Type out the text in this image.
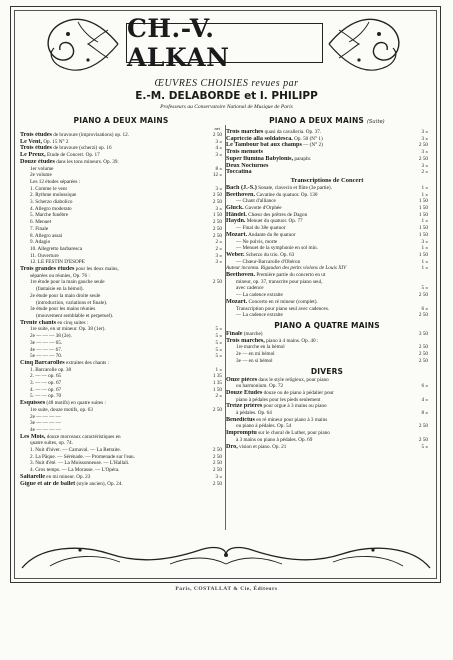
CH.-V. ALKAN
ŒUVRES CHOISIES revues par
E.-M. DELABORDE et I. PHILIPP
Professeurs au Conservatoire National de Musique de Paris
PIANO A DEUX MAINS
net
Trois études de bravoure (improvisations) op. 12.	2 50
Le Vent, Op. 15 N° 2	3 »
Trois études de bravoure (scherzi) op. 16	4 »
Le Preux, Étude de Concert. Op. 17	3 »
Douze études dans les tons mineurs. Op. 39.
1er volume	8 »
2e volume	12 »
Les 12 études séparées :
1. Comme le vent	3 »
2. Rythme molossique	2 50
3. Scherzo diabolico	2 50
4. Allegro moderato	3 »
5. Marche funèbre	1 50
6. Menuet	2 50
7. Finale	2 50
8. Allegro assai	2 50
9. Adagio	2 »
10. Allegretto barbaresca	2 »
11. Ouverture	3 »
12. LE FESTIN D'ESOPE	3 »
Trois grandes études pour les deux mains,
séparées ou réunies, Op. 76 :
1re étude pour la main gauche seule	2 50
(fantaisie en la bémol).
2e étude pour la main droite seule
(introduction, variations et finale).
3e étude pour les mains réunies
(mouvement semblable et perpetuel).
Trente chants en cinq suites :
1re suite, en ut mineur. Op. 38 (1er).	5 »
2e — — — 38 (2e).	5 »
3e — — — 65.	5 »
4e — — — 67.	5 »
5e — — — 70.	5 »
Cinq Barcarolles extraites des chants :
1. Barcarolle op. 38	1 »
2. — — op. 65	1 35
3. — — op. 67	1 35
4. — — op. 67	1 50
5. — — op. 70	2 »
Esquisses (48 motifs) en quatre suites :
1re suite, douze motifs, op. 63	2 50
2e — — — —
3e — — — —
4e — — — —
Les Mois, douze morceaux caractéristiques en
quatre suites, op. 74.
1. Nuit d'hiver. — Carnaval. — La Retraite.	2 50
2. La Pâque. — Sérénade. — Promenade sur l'eau.	2 50
3. Nuit d'été. — La Moissonneuse. — L'Hallali.	2 50
4. Gros temps. — La Morasse. — L'Opéra.	2 50
Saltarelle en mi mineur. Op. 23	3 »
Gigue et air de ballet (style ancien), Op. 24.	2 50
PIANO A DEUX MAINS (Suite)
Trois marches quasi da cavalleria. Op. 37.	3 »
Capriccio alla soldatesca. Op. 50 (N° 1)	3 »
Le Tambour bat aux champs — (N° 2)	2 50
Trois menuets	3 »
Super flumina Babylonis, paraphr.	2 50
Deux Nocturnes	3 »
Toccatina	2 »
Transcriptions de Concert
Bach (J.-S.) Sonate, clavecin et flûte (3e partie).	1 »
Beethoven. Cavatine du quatuor. Op. 130	1 »
— Chant d'alliance	1 50
Gluck. Gavotte d'Orphée	1 50
Händel. Chœur des prêtres de Dagon	1 50
Haydn. Menuet du quatuor. Op. 77	1 »
— Final du 38e quatuor	1 50
Mozart. Andante du 8e quatuor	1 50
— Ne pulvis, morte	3 »
— Menuet de la symphonie en sol min.	1 »
Weber. Scherzo du trio. Op. 63	1 50
— Chœur-Barcarolle d'Obéron	1 »
Auteur inconnu. Rigaudon des petits violons de Louis XIV	1 »
Beethoven. Première partie du concerto en ut
mineur, op. 37, transcrite pour piano seul,
avec cadence	5 »
— La cadence extraite	2 50
Mozart. Concerto en ré mineur (complet).
Transcription pour piano seul avec cadences.	6 »
— La cadence extraite	2 50
PIANO A QUATRE MAINS
Finale (marche)	3 50
Trois marches, piano à 4 mains. Op. 40 :
1re marche en la bémol	2 50
2e — en mi bémol	2 50
3e — en si bémol	2 50
DIVERS
Onze pièces dans le style religieux, pour piano
ou harmonium. Op. 72	6 »
Douze Études douze ou de piano à pédalier pour
piano à pédales pour les pieds seulement	4 »
Treize prières pour orgue à 3 mains ou piano
à pédales. Op. 64	8 »
Benedictus en ré mineur pour piano à 3 mains
ou piano à pédales. Op. 54	2 50
Impromptu sur le choral de Luther, pour piano
à 3 mains ou piano à pédales. Op. 69	2 50
Dro, vision et piano. Op. 21	5 »
Paris, COSTALLAT & Cie, Éditeurs
